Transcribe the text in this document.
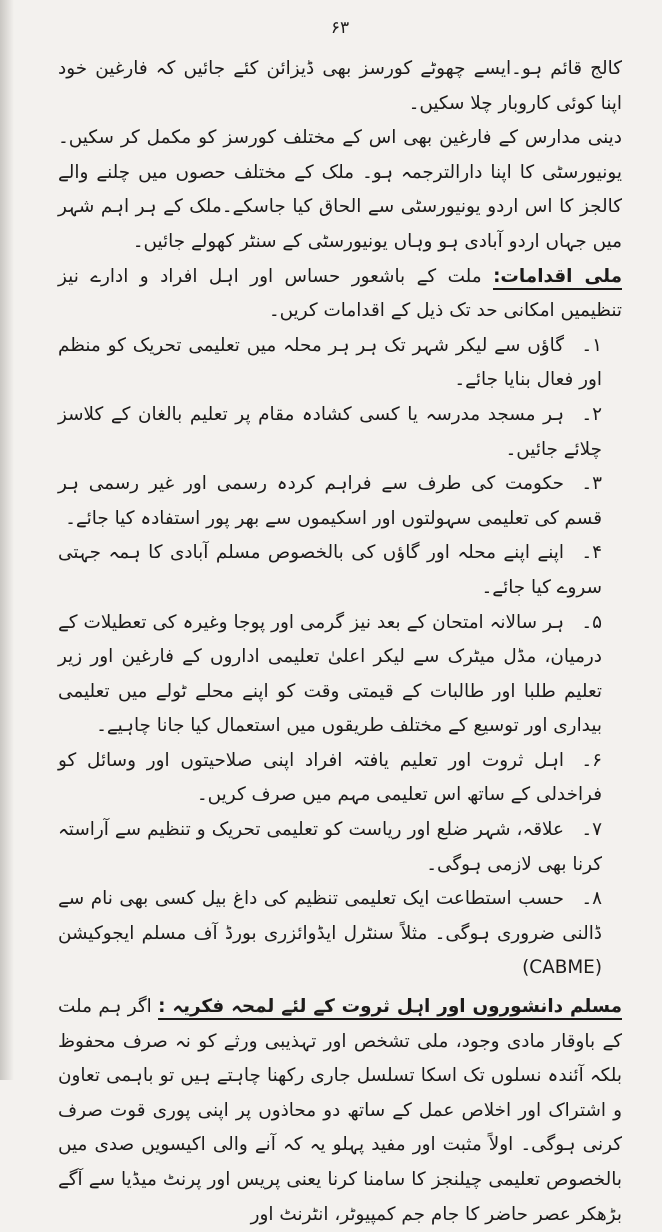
۶۳

کالج قائم ہو۔ایسے چھوٹے کورسز بھی ڈیزائن کئے جائیں کہ فارغین خود اپنا کوئی کاروبار چلا سکیں۔

دینی مدارس کے فارغین بھی اس کے مختلف کورسز کو مکمل کر سکیں۔ یونیورسٹی کا اپنا دارالترجمہ ہو۔ ملک کے مختلف حصوں میں چلنے والے کالجز کا اس اردو یونیورسٹی سے الحاق کیا جاسکے۔ملک کے ہر اہم شہر میں جہاں اردو آبادی ہو وہاں یونیورسٹی کے سنٹر کھولے جائیں۔

ملی اقدامات: ملت کے باشعور حساس اور اہل افراد و ادارے نیز تنظیمیں امکانی حد تک ذیل کے اقدامات کریں۔

۱۔گاؤں سے لیکر شہر تک ہر ہر محلہ میں تعلیمی تحریک کو منظم اور فعال بنایا جائے۔

۲۔ہر مسجد مدرسہ یا کسی کشادہ مقام پر تعلیم بالغان کے کلاسز چلائے جائیں۔

۳۔حکومت کی طرف سے فراہم کردہ رسمی اور غیر رسمی ہر قسم کی تعلیمی سہولتوں اور اسکیموں سے بھر پور استفادہ کیا جائے۔

۴۔اپنے اپنے محلہ اور گاؤں کی بالخصوص مسلم آبادی کا ہمہ جہتی سروے کیا جائے۔

۵۔ہر سالانہ امتحان کے بعد نیز گرمی اور پوجا وغیرہ کی تعطیلات کے درمیان، مڈل میٹرک سے لیکر اعلیٰ تعلیمی اداروں کے فارغین اور زیر تعلیم طلبا اور طالبات کے قیمتی وقت کو اپنے محلے ٹولے میں تعلیمی بیداری اور توسیع کے مختلف طریقوں میں استعمال کیا جانا چاہیے۔

۶۔اہل ثروت اور تعلیم یافتہ افراد اپنی صلاحیتوں اور وسائل کو فراخدلی کے ساتھ اس تعلیمی مہم میں صرف کریں۔

۷۔علاقہ، شہر ضلع اور ریاست کو تعلیمی تحریک و تنظیم سے آراستہ کرنا بھی لازمی ہوگی۔

۸۔حسب استطاعت ایک تعلیمی تنظیم کی داغ بیل کسی بھی نام سے ڈالنی ضروری ہوگی۔ مثلاً سنٹرل ایڈوائزری بورڈ آف مسلم ایجوکیشن (CABME)

مسلم دانشوروں اور اہل ثروت کے لئے لمحہ فکریہ : اگر ہم ملت کے باوقار مادی وجود، ملی تشخص اور تہذیبی ورثے کو نہ صرف محفوظ بلکہ آئندہ نسلوں تک اسکا تسلسل جاری رکھنا چاہتے ہیں تو باہمی تعاون و اشتراک اور اخلاص عمل کے ساتھ دو محاذوں پر اپنی پوری قوت صرف کرنی ہوگی۔ اولاً مثبت اور مفید پہلو یہ کہ آنے والی اکیسویں صدی میں بالخصوص تعلیمی چیلنجز کا سامنا کرنا یعنی پریس اور پرنٹ میڈیا سے آگے بڑھکر عصر حاضر کا جام جم کمپیوٹر، انٹرنٹ اور
